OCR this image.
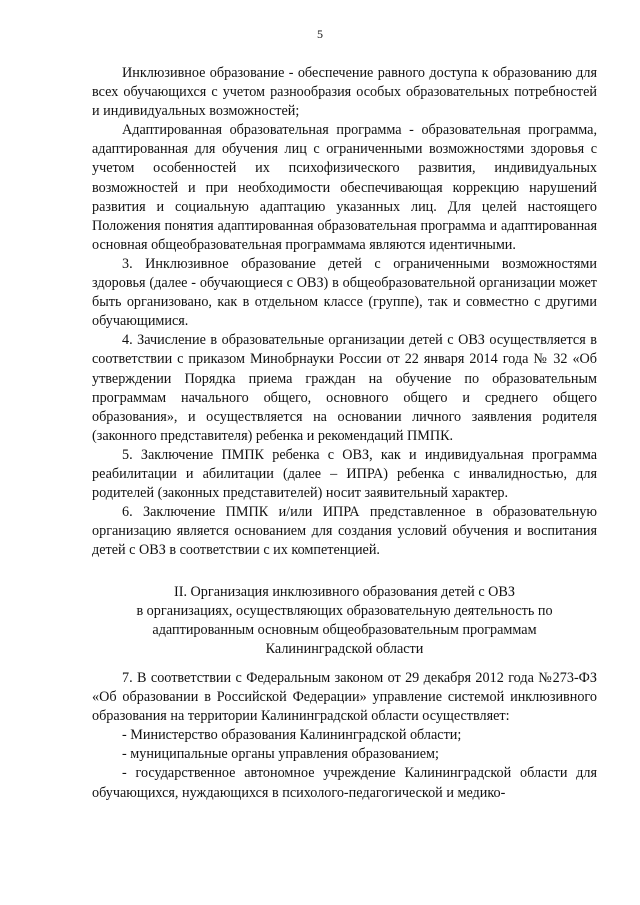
5

Инклюзивное образование - обеспечение равного доступа к образованию для всех обучающихся с учетом разнообразия особых образовательных потребностей и индивидуальных возможностей;

Адаптированная образовательная программа - образовательная программа, адаптированная для обучения лиц с ограниченными возможностями здоровья с учетом особенностей их психофизического развития, индивидуальных возможностей и при необходимости обеспечивающая коррекцию нарушений развития и социальную адаптацию указанных лиц. Для целей настоящего Положения понятия адаптированная образовательная программа и адаптированная основная общеобразовательная программама являются идентичными.

3. Инклюзивное образование детей с ограниченными возможностями здоровья (далее - обучающиеся с ОВЗ) в общеобразовательной организации может быть организовано, как в отдельном классе (группе), так и совместно с другими обучающимися.

4. Зачисление в образовательные организации детей с ОВЗ осуществляется в соответствии с приказом Минобрнауки России от 22 января 2014 года № 32 «Об утверждении Порядка приема граждан на обучение по образовательным программам начального общего, основного общего и среднего общего образования», и осуществляется на основании личного заявления родителя (законного представителя) ребенка и рекомендаций ПМПК.

5. Заключение ПМПК ребенка с ОВЗ, как и индивидуальная программа реабилитации и абилитации (далее – ИПРА) ребенка с инвалидностью, для родителей (законных представителей) носит заявительный характер.

6. Заключение ПМПК и/или ИПРА представленное в образовательную организацию является основанием для создания условий обучения и воспитания детей с ОВЗ в соответствии с их компетенцией.

II. Организация инклюзивного образования детей с ОВЗ
в организациях, осуществляющих образовательную деятельность по
адаптированным основным общеобразовательным программам
Калининградской области

7. В соответствии с Федеральным законом от 29 декабря 2012 года №273-ФЗ «Об образовании в Российской Федерации» управление системой инклюзивного образования на территории Калининградской области осуществляет:

- Министерство образования Калининградской области;

- муниципальные органы управления образованием;

- государственное автономное учреждение Калининградской области для обучающихся, нуждающихся в психолого-педагогической и медико-
